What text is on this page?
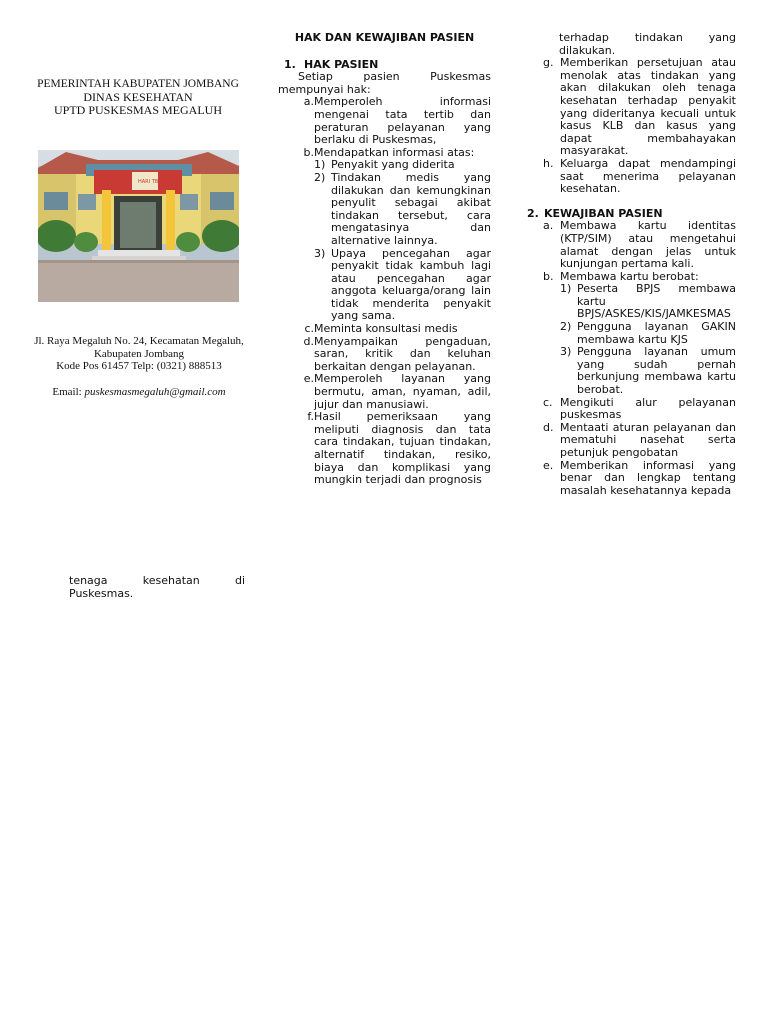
PEMERINTAH KABUPATEN JOMBANG
DINAS KESEHATAN
UPTD PUSKESMAS MEGALUH
HARI TB
Jl. Raya Megaluh No. 24, Kecamatan Megaluh,
Kabupaten Jombang
Kode Pos 61457 Telp: (0321) 888513
Email: puskesmasmegaluh@gmail.com
tenaga kesehatan di
Puskesmas.
HAK DAN KEWAJIBAN PASIEN
1. HAK PASIEN
Setiap pasien Puskesmas mempunyai hak:
a. Memperoleh informasi mengenai tata tertib dan peraturan pelayanan yang berlaku di Puskesmas,
b. Mendapatkan informasi atas:
1) Penyakit yang diderita
2) Tindakan medis yang dilakukan dan kemungkinan penyulit sebagai akibat tindakan tersebut, cara mengatasinya dan alternative lainnya.
3) Upaya pencegahan agar penyakit tidak kambuh lagi atau pencegahan agar anggota keluarga/orang lain tidak menderita penyakit yang sama.
c. Meminta konsultasi medis
d. Menyampaikan pengaduan, saran, kritik dan keluhan berkaitan dengan pelayanan.
e. Memperoleh layanan yang bermutu, aman, nyaman, adil, jujur dan manusiawi.
f. Hasil pemeriksaan yang meliputi diagnosis dan tata cara tindakan, tujuan tindakan, alternatif tindakan, resiko, biaya dan komplikasi yang mungkin terjadi dan prognosis
terhadap tindakan yang dilakukan.
g. Memberikan persetujuan atau menolak atas tindakan yang akan dilakukan oleh tenaga kesehatan terhadap penyakit yang dideritanya kecuali untuk kasus KLB dan kasus yang dapat membahayakan masyarakat.
h. Keluarga dapat mendampingi saat menerima pelayanan kesehatan.
2. KEWAJIBAN PASIEN
a. Membawa kartu identitas (KTP/SIM) atau mengetahui alamat dengan jelas untuk kunjungan pertama kali.
b. Membawa kartu berobat:
1) Peserta BPJS membawa kartu BPJS/ASKES/KIS/JAMKESMAS
2) Pengguna layanan GAKIN membawa kartu KJS
3) Pengguna layanan umum yang sudah pernah berkunjung membawa kartu berobat.
c. Mengikuti alur pelayanan puskesmas
d. Mentaati aturan pelayanan dan mematuhi nasehat serta petunjuk pengobatan
e. Memberikan informasi yang benar dan lengkap tentang masalah kesehatannya kepada
